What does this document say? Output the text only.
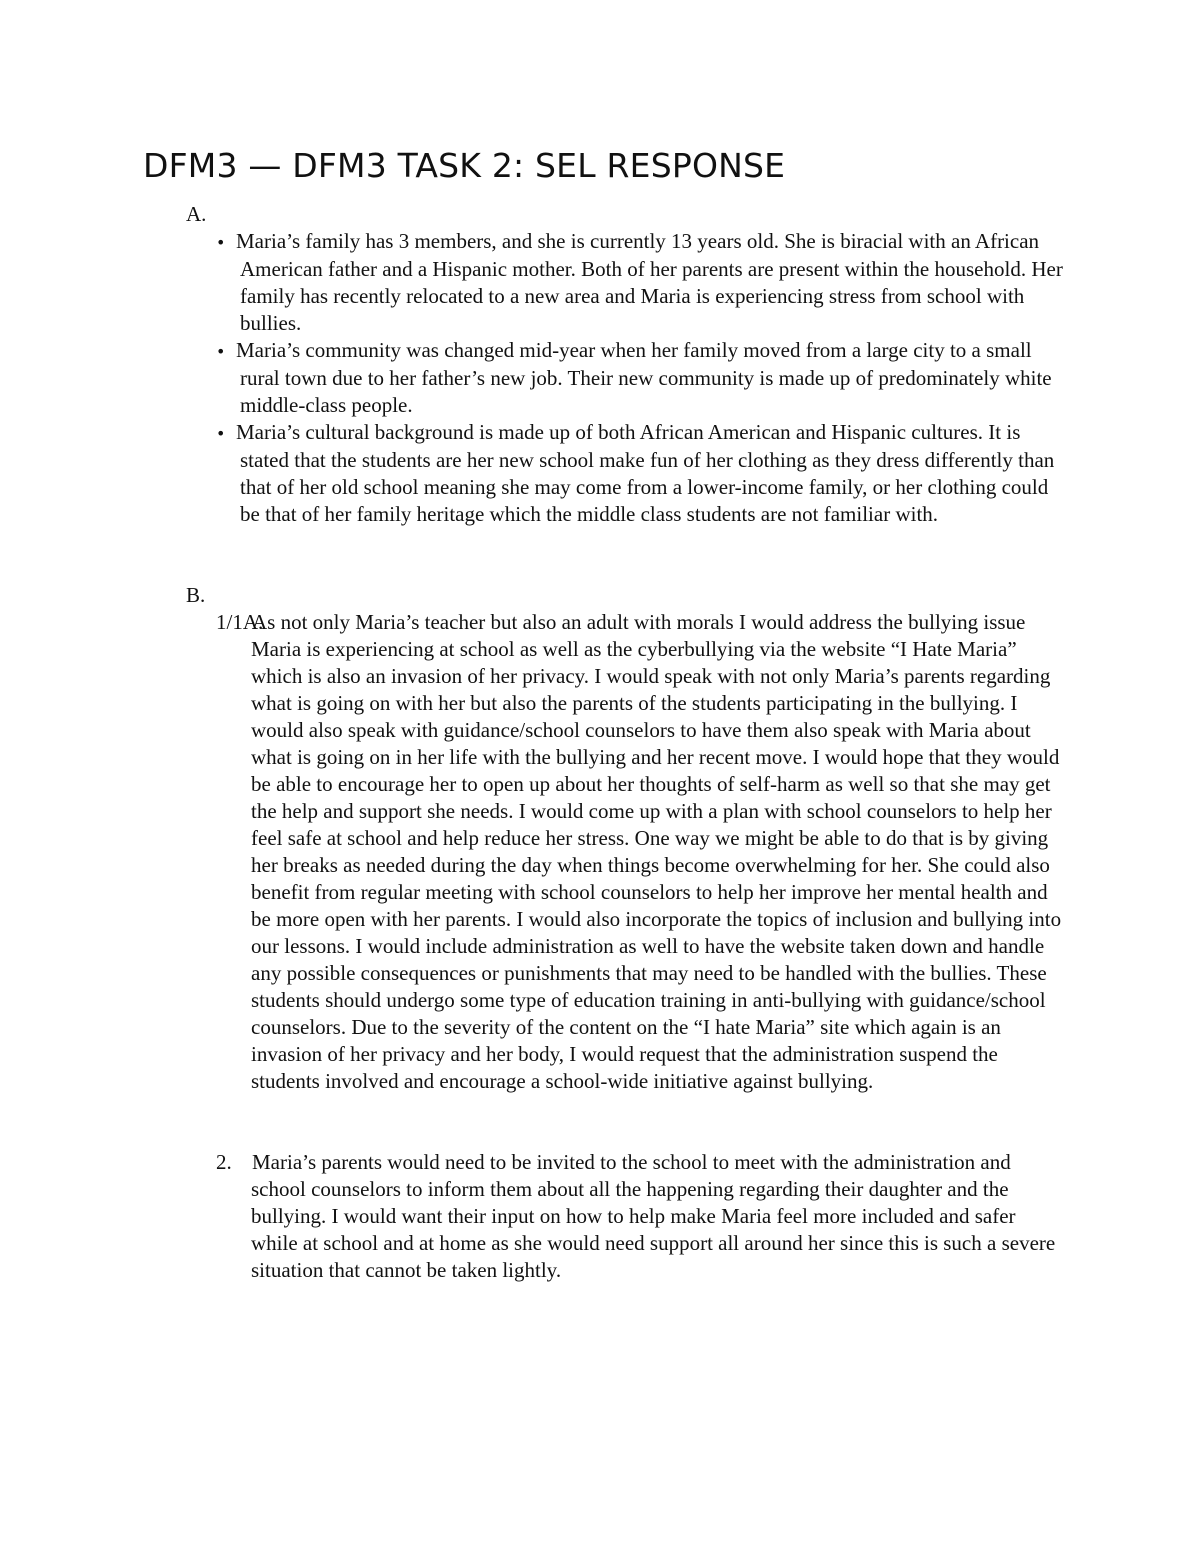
DFM3 — DFM3 TASK 2: SEL RESPONSE

A.

• Maria’s family has 3 members, and she is currently 13 years old. She is biracial with an African American father and a Hispanic mother. Both of her parents are present within the household. Her family has recently relocated to a new area and Maria is experiencing stress from school with bullies.
• Maria’s community was changed mid-year when her family moved from a large city to a small rural town due to her father’s new job. Their new community is made up of predominately white middle-class people.
• Maria’s cultural background is made up of both African American and Hispanic cultures. It is stated that the students are her new school make fun of her clothing as they dress differently than that of her old school meaning she may come from a lower-income family, or her clothing could be that of her family heritage which the middle class students are not familiar with.

B.

1/1A.As not only Maria’s teacher but also an adult with morals I would address the bullying issue Maria is experiencing at school as well as the cyberbullying via the website “I Hate Maria” which is also an invasion of her privacy. I would speak with not only Maria’s parents regarding what is going on with her but also the parents of the students participating in the bullying. I would also speak with guidance/school counselors to have them also speak with Maria about what is going on in her life with the bullying and her recent move. I would hope that they would be able to encourage her to open up about her thoughts of self-harm as well so that she may get the help and support she needs. I would come up with a plan with school counselors to help her feel safe at school and help reduce her stress. One way we might be able to do that is by giving her breaks as needed during the day when things become overwhelming for her. She could also benefit from regular meeting with school counselors to help her improve her mental health and be more open with her parents. I would also incorporate the topics of inclusion and bullying into our lessons. I would include administration as well to have the website taken down and handle any possible consequences or punishments that may need to be handled with the bullies. These students should undergo some type of education training in anti-bullying with guidance/school counselors. Due to the severity of the content on the “I hate Maria” site which again is an invasion of her privacy and her body, I would request that the administration suspend the students involved and encourage a school-wide initiative against bullying.

2. Maria’s parents would need to be invited to the school to meet with the administration and school counselors to inform them about all the happening regarding their daughter and the bullying. I would want their input on how to help make Maria feel more included and safer while at school and at home as she would need support all around her since this is such a severe situation that cannot be taken lightly.
